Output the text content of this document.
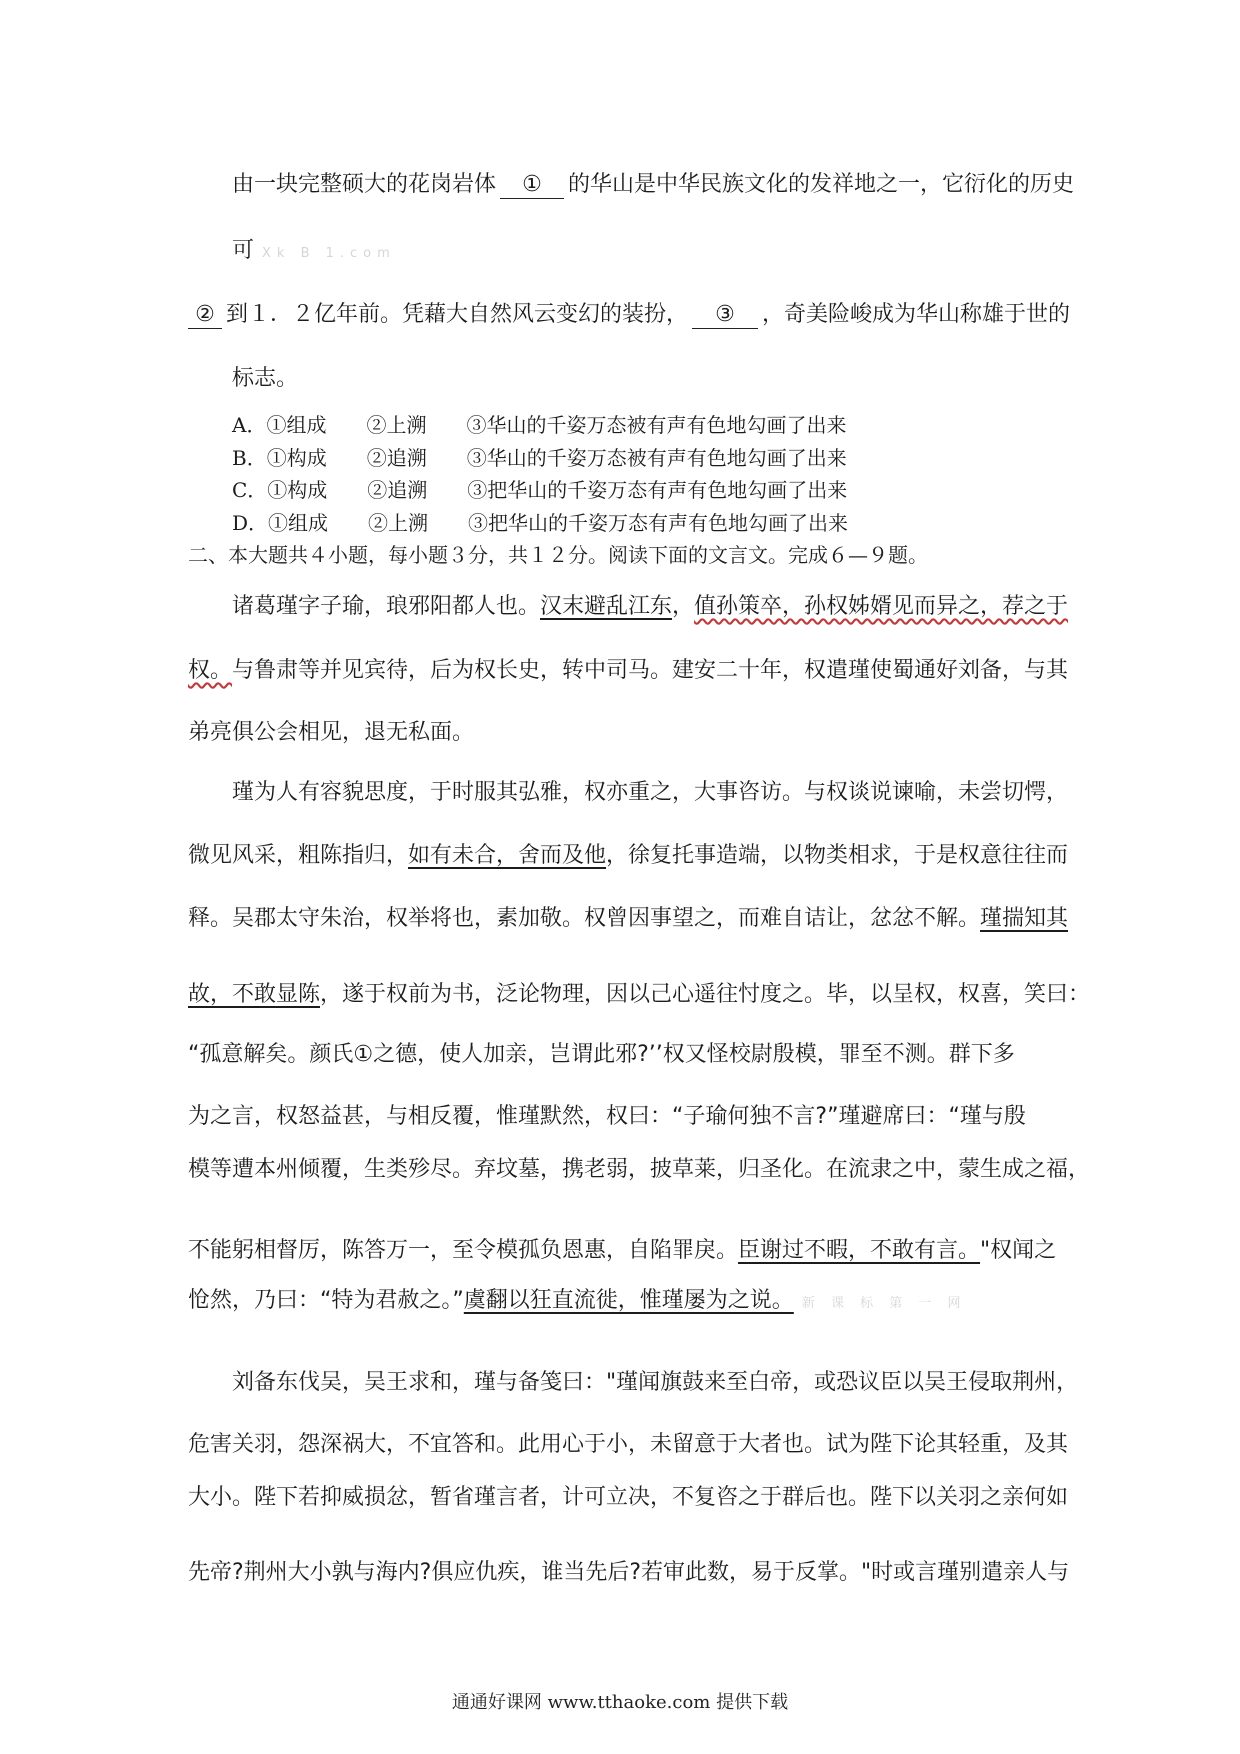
由一块完整硕大的花岗岩体 ① 的华山是中华民族文化的发祥地之一，它衍化的历史
可 Xk B 1.com
② 到１．２亿年前。凭藉大自然风云变幻的装扮， ③ ，奇美险峻成为华山称雄于世的
标志。
A．①组成　　②上溯　　③华山的千姿万态被有声有色地勾画了出来
B．①构成　　②追溯　　③华山的千姿万态被有声有色地勾画了出来
C．①构成　　②追溯　　③把华山的千姿万态有声有色地勾画了出来
D．①组成　　②上溯　　③把华山的千姿万态有声有色地勾画了出来
二、本大题共４小题，每小题３分，共１２分。阅读下面的文言文。完成６—９题。
诸葛瑾字子瑜，琅邪阳都人也。汉末避乱江东，值孙策卒，孙权姊婿见而异之，荐之于
权。与鲁肃等并见宾待，后为权长史，转中司马。建安二十年，权遣瑾使蜀通好刘备，与其
弟亮俱公会相见，退无私面。
瑾为人有容貌思度，于时服其弘雅，权亦重之，大事咨访。与权谈说谏喻，未尝切愕，
微见风采，粗陈指归，如有未合，舍而及他，徐复托事造端，以物类相求，于是权意往往而
释。吴郡太守朱治，权举将也，素加敬。权曾因事望之，而难自诘让，忿忿不解。瑾揣知其
故，不敢显陈，遂于权前为书，泛论物理，因以己心遥往忖度之。毕，以呈权，权喜，笑曰：
“孤意解矣。颜氏①之德，使人加亲，岂谓此邪?’’权又怪校尉殷模，罪至不测。群下多
为之言，权怒益甚，与相反覆，惟瑾默然，权曰：“子瑜何独不言?”瑾避席曰：“瑾与殷
模等遭本州倾覆，生类殄尽。弃坟墓，携老弱，披草莱，归圣化。在流隶之中，蒙生成之福，
不能躬相督厉，陈答万一，至令模孤负恩惠，自陷罪戾。臣谢过不暇，不敢有言。"权闻之
怆然，乃曰：“特为君赦之。”虞翻以狂直流徙，惟瑾屡为之说。 新 课 标 第 一 网
刘备东伐吴，吴王求和，瑾与备笺曰："瑾闻旗鼓来至白帝，或恐议臣以吴王侵取荆州，
危害关羽，怨深祸大，不宜答和。此用心于小，未留意于大者也。试为陛下论其轻重，及其
大小。陛下若抑威损忿，暂省瑾言者，计可立决，不复咨之于群后也。陛下以关羽之亲何如
先帝?荆州大小孰与海内?俱应仇疾，谁当先后?若审此数，易于反掌。"时或言瑾别遣亲人与
通通好课网 www.tthaoke.com 提供下载
